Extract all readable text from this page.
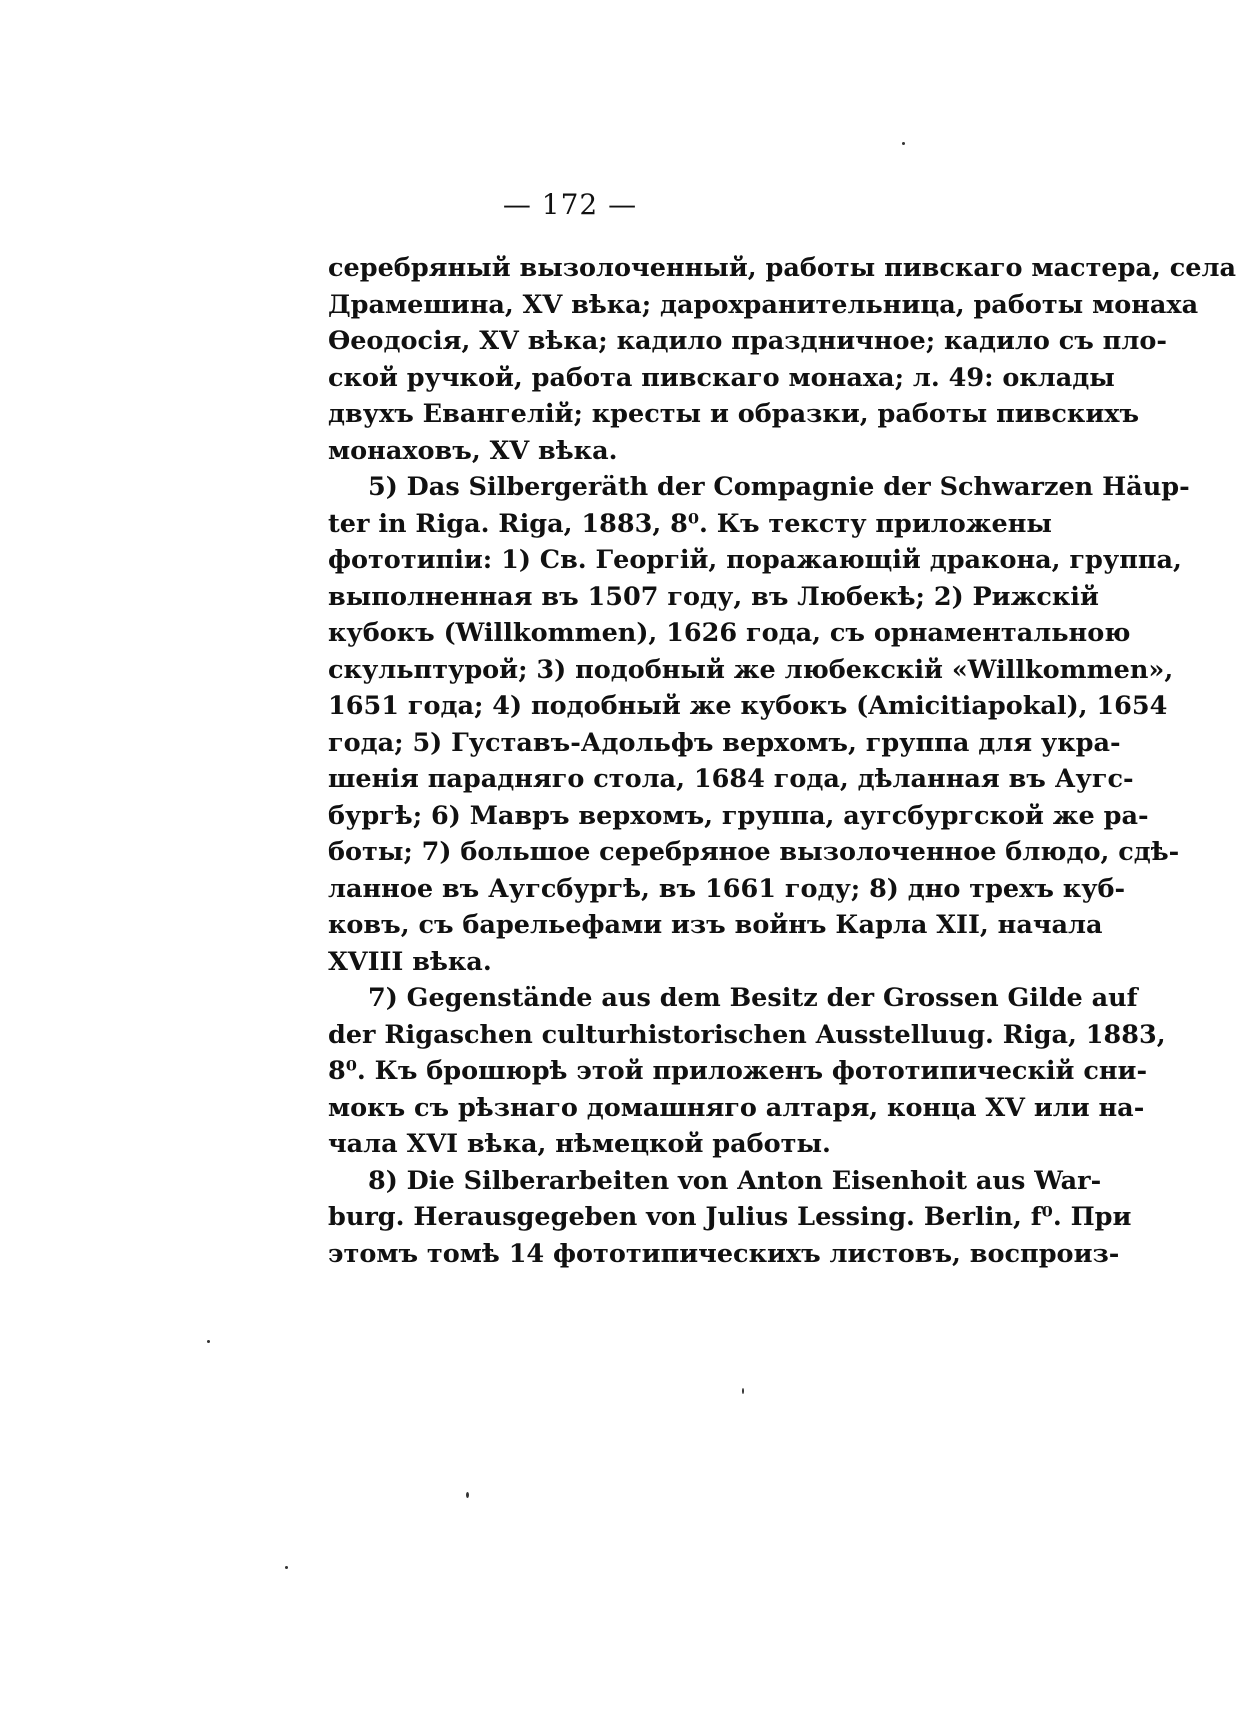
— 172 —

серебряный вызолоченный, работы пивскаго мастера, села
Драмешина, XV вѣка; дарохранительница, работы монаха
Өеодосія, XV вѣка; кадило праздничное; кадило съ пло-
ской ручкой, работа пивскаго монаха; л. 49: оклады
двухъ Евангелій; кресты и образки, работы пивскихъ
монаховъ, XV вѣка.

5) Das Silbergeräth der Compagnie der Schwarzen Häup-
ter in Riga. Riga, 1883, 8⁰. Къ тексту приложены
фототипіи: 1) Св. Георгій, поражающій дракона, группа,
выполненная въ 1507 году, въ Любекѣ; 2) Рижскій
кубокъ (Willkommen), 1626 года, съ орнаментальною
скульптурой; 3) подобный же любекскій «Willkommen»,
1651 года; 4) подобный же кубокъ (Amicitiapokal), 1654
года; 5) Густавъ-Адольфъ верхомъ, группа для укра-
шенія парадняго стола, 1684 года, дѣланная въ Аугс-
бургѣ; 6) Мавръ верхомъ, группа, аугсбургской же ра-
боты; 7) большое серебряное вызолоченное блюдо, сдѣ-
ланное въ Аугсбургѣ, въ 1661 году; 8) дно трехъ куб-
ковъ, съ барельефами изъ войнъ Карла XII, начала
XVIII вѣка.

7) Gegenstände aus dem Besitz der Grossen Gilde auf
der Rigaschen culturhistorischen Ausstelluug. Riga, 1883,
8⁰. Къ брошюрѣ этой приложенъ фототипическій сни-
мокъ съ рѣзнаго домашняго алтаря, конца XV или на-
чала XVI вѣка, нѣмецкой работы.

8) Die Silberarbeiten von Anton Eisenhoit aus War-
burg. Herausgegeben von Julius Lessing. Berlin, f⁰. При
этомъ томѣ 14 фототипическихъ листовъ, воспроиз-
